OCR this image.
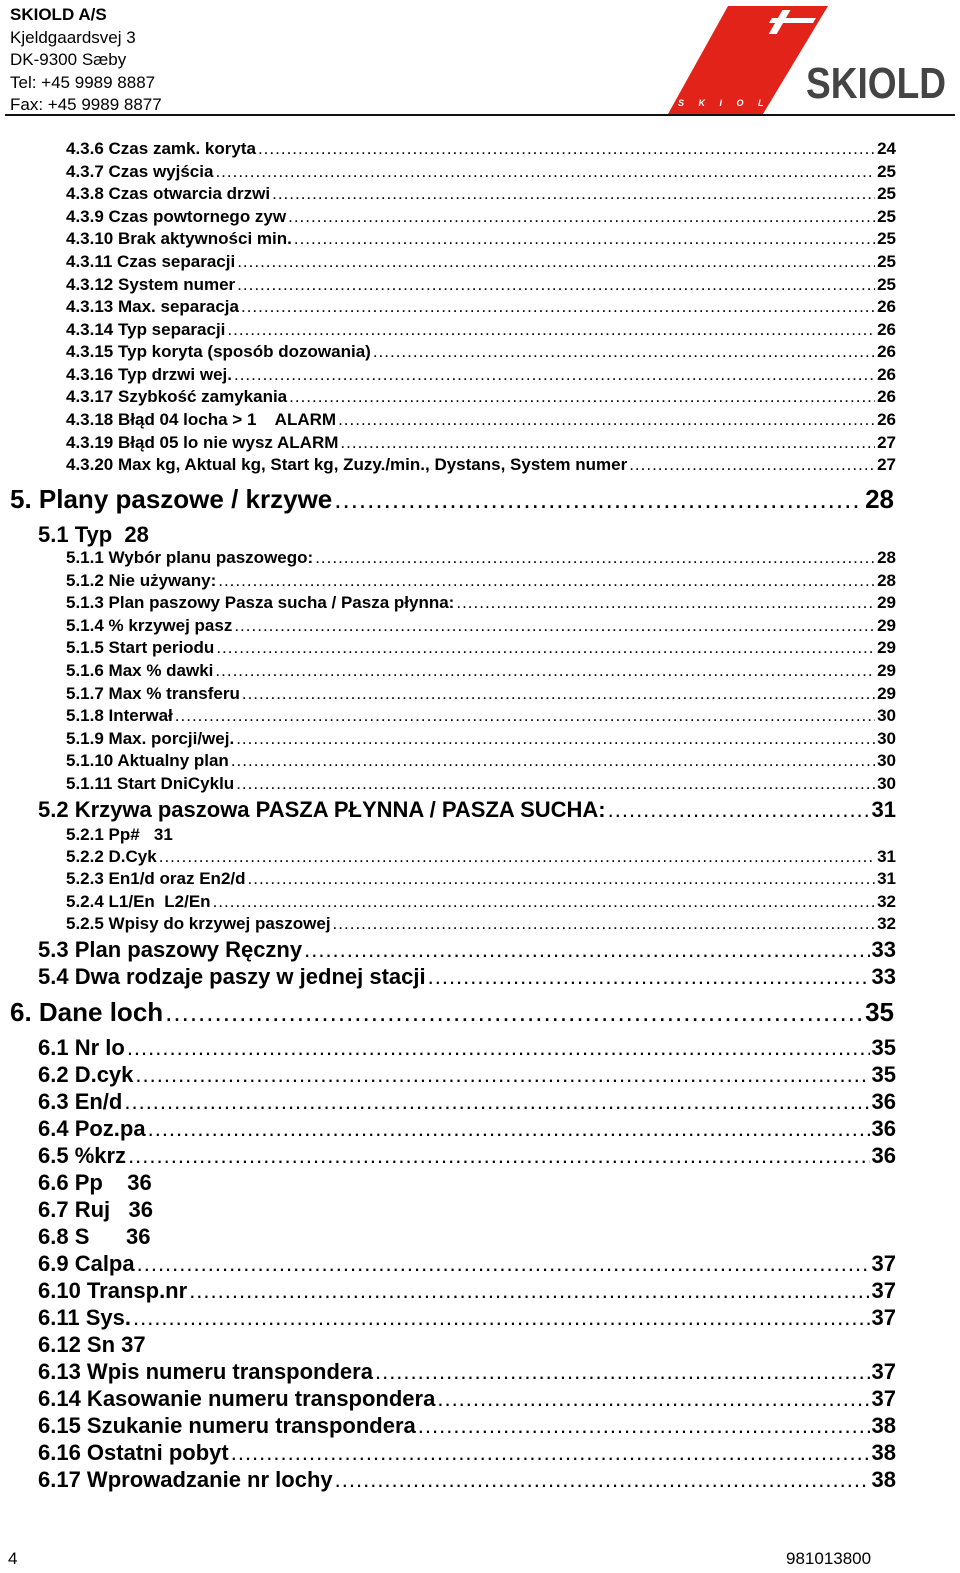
SKIOLD A/S
Kjeldgaardsvej 3
DK-9300 Sæby
Tel: +45 9989 8887
Fax: +45 9989 8877	S K I O L D SKIOLD
4.3.6 Czas zamk. koryta .....	24
4.3.7 Czas wyjścia .....	25
4.3.8 Czas otwarcia drzwi .....	25
4.3.9 Czas powtornego zyw .....	25
4.3.10 Brak aktywności min. .....	25
4.3.11 Czas separacji .....	25
4.3.12 System numer .....	25
4.3.13 Max. separacja .....	26
4.3.14 Typ separacji .....	26
4.3.15 Typ koryta (sposób dozowania) .....	26
4.3.16 Typ drzwi wej. .....	26
4.3.17 Szybkość zamykania .....	26
4.3.18 Błąd 04 locha > 1    ALARM .....	26
4.3.19 Błąd 05 lo nie wysz ALARM .....	27
4.3.20 Max kg, Aktual kg, Start kg, Zuzy./min., Dystans, System numer .....	27
5. Plany paszowe / krzywe .....	28
5.1 Typ  28
5.1.1 Wybór planu paszowego: .....	28
5.1.2 Nie używany: .....	28
5.1.3 Plan paszowy Pasza sucha / Pasza płynna: .....	29
5.1.4 % krzywej pasz .....	29
5.1.5 Start periodu .....	29
5.1.6 Max % dawki .....	29
5.1.7 Max % transferu .....	29
5.1.8 Interwał .....	30
5.1.9 Max. porcji/wej. .....	30
5.1.10 Aktualny plan .....	30
5.1.11 Start DniCyklu .....	30
5.2 Krzywa paszowa PASZA PŁYNNA / PASZA SUCHA: .....	31
5.2.1 Pp#   31
5.2.2 D.Cyk .....	31
5.2.3 En1/d oraz En2/d .....	31
5.2.4 L1/En  L2/En .....	32
5.2.5 Wpisy do krzywej paszowej .....	32
5.3 Plan paszowy Ręczny .....	33
5.4 Dwa rodzaje paszy w jednej stacji .....	33
6. Dane loch .....	35
6.1 Nr lo .....	35
6.2 D.cyk .....	35
6.3 En/d .....	36
6.4 Poz.pa .....	36
6.5 %krz .....	36
6.6 Pp    36
6.7 Ruj   36
6.8 S      36
6.9 Calpa .....	37
6.10 Transp.nr .....	37
6.11 Sys. .....	37
6.12 Sn 37
6.13 Wpis numeru transpondera .....	37
6.14 Kasowanie numeru transpondera .....	37
6.15 Szukanie numeru transpondera .....	38
6.16 Ostatni pobyt .....	38
6.17 Wprowadzanie nr lochy .....	38
4	981013800
